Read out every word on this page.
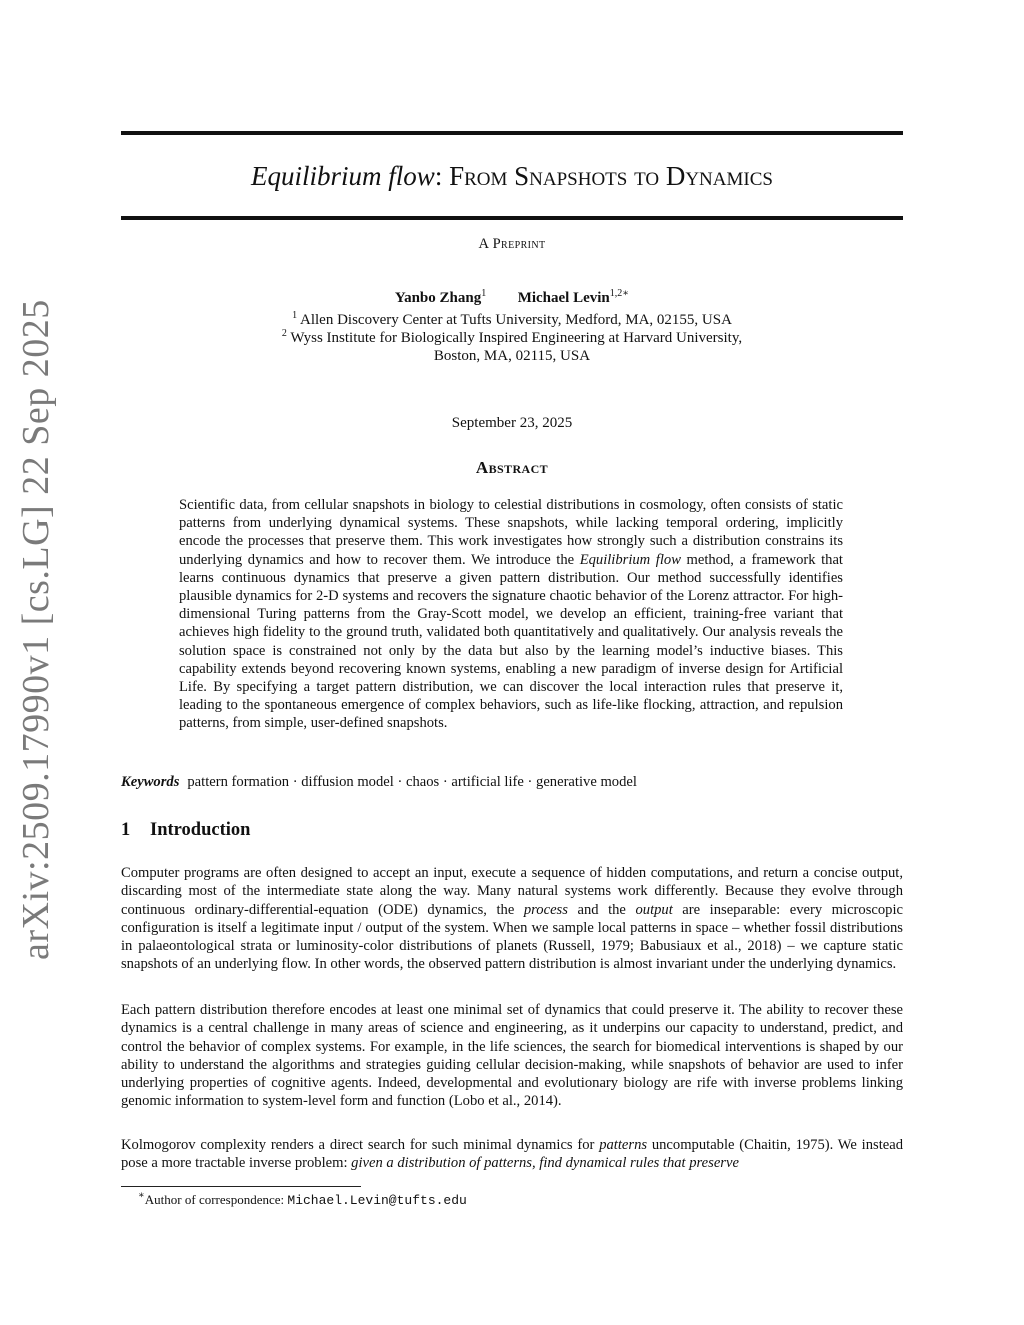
arXiv:2509.17990v1 [cs.LG] 22 Sep 2025
Equilibrium flow: From Snapshots to Dynamics
A Preprint
Yanbo Zhang$^1$ Michael Levin$^{1,2∗}$
$^1$ Allen Discovery Center at Tufts University, Medford, MA, 02155, USA
$^2$ Wyss Institute for Biologically Inspired Engineering at Harvard University,
Boston, MA, 02115, USA
September 23, 2025
Abstract
Scientific data, from cellular snapshots in biology to celestial distributions in cosmology, often consists of static patterns from underlying dynamical systems. These snapshots, while lacking temporal ordering, implicitly encode the processes that preserve them. This work investigates how strongly such a distribution constrains its underlying dynamics and how to recover them. We introduce the Equilibrium flow method, a framework that learns continuous dynamics that preserve a given pattern distribution. Our method successfully identifies plausible dynamics for 2-D systems and recovers the signature chaotic behavior of the Lorenz attractor. For high-dimensional Turing patterns from the Gray-Scott model, we develop an efficient, training-free variant that achieves high fidelity to the ground truth, validated both quantitatively and qualitatively. Our analysis reveals the solution space is constrained not only by the data but also by the learning model’s inductive biases. This capability extends beyond recovering known systems, enabling a new paradigm of inverse design for Artificial Life. By specifying a target pattern distribution, we can discover the local interaction rules that preserve it, leading to the spontaneous emergence of complex behaviors, such as life-like flocking, attraction, and repulsion patterns, from simple, user-defined snapshots.
Keywords pattern formation · diffusion model · chaos · artificial life · generative model
1 Introduction
Computer programs are often designed to accept an input, execute a sequence of hidden computations, and return a concise output, discarding most of the intermediate state along the way. Many natural systems work differently. Because they evolve through continuous ordinary-differential-equation (ODE) dynamics, the process and the output are inseparable: every microscopic configuration is itself a legitimate input / output of the system. When we sample local patterns in space – whether fossil distributions in palaeontological strata or luminosity-color distributions of planets (Russell, 1979; Babusiaux et al., 2018) – we capture static snapshots of an underlying flow. In other words, the observed pattern distribution is almost invariant under the underlying dynamics.
Each pattern distribution therefore encodes at least one minimal set of dynamics that could preserve it. The ability to recover these dynamics is a central challenge in many areas of science and engineering, as it underpins our capacity to understand, predict, and control the behavior of complex systems. For example, in the life sciences, the search for biomedical interventions is shaped by our ability to understand the algorithms and strategies guiding cellular decision-making, while snapshots of behavior are used to infer underlying properties of cognitive agents. Indeed, developmental and evolutionary biology are rife with inverse problems linking genomic information to system-level form and function (Lobo et al., 2014).
Kolmogorov complexity renders a direct search for such minimal dynamics for patterns uncomputable (Chaitin, 1975). We instead pose a more tractable inverse problem: given a distribution of patterns, find dynamical rules that preserve
∗Author of correspondence: Michael.Levin@tufts.edu
